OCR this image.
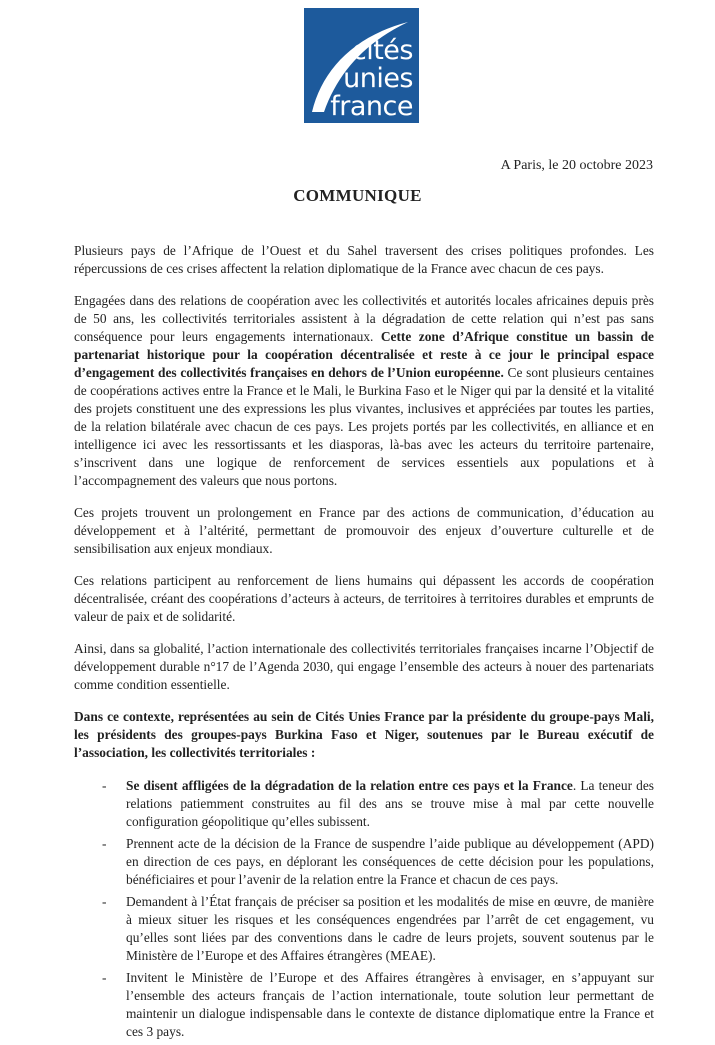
cités
unies
france
A Paris, le 20 octobre 2023
COMMUNIQUE

Plusieurs pays de l’Afrique de l’Ouest et du Sahel traversent des crises politiques profondes. Les répercussions de ces crises affectent la relation diplomatique de la France avec chacun de ces pays.

Engagées dans des relations de coopération avec les collectivités et autorités locales africaines depuis près de 50 ans, les collectivités territoriales assistent à la dégradation de cette relation qui n’est pas sans conséquence pour leurs engagements internationaux. Cette zone d’Afrique constitue un bassin de partenariat historique pour la coopération décentralisée et reste à ce jour le principal espace d’engagement des collectivités françaises en dehors de l’Union européenne. Ce sont plusieurs centaines de coopérations actives entre la France et le Mali, le Burkina Faso et le Niger qui par la densité et la vitalité des projets constituent une des expressions les plus vivantes, inclusives et appréciées par toutes les parties, de la relation bilatérale avec chacun de ces pays. Les projets portés par les collectivités, en alliance et en intelligence ici avec les ressortissants et les diasporas, là-bas avec les acteurs du territoire partenaire, s’inscrivent dans une logique de renforcement de services essentiels aux populations et à l’accompagnement des valeurs que nous portons.

Ces projets trouvent un prolongement en France par des actions de communication, d’éducation au développement et à l’altérité, permettant de promouvoir des enjeux d’ouverture culturelle et de sensibilisation aux enjeux mondiaux.

Ces relations participent au renforcement de liens humains qui dépassent les accords de coopération décentralisée, créant des coopérations d’acteurs à acteurs, de territoires à territoires durables et emprunts de valeur de paix et de solidarité.

Ainsi, dans sa globalité, l’action internationale des collectivités territoriales françaises incarne l’Objectif de développement durable n°17 de l’Agenda 2030, qui engage l’ensemble des acteurs à nouer des partenariats comme condition essentielle.

Dans ce contexte, représentées au sein de Cités Unies France par la présidente du groupe-pays Mali, les présidents des groupes-pays Burkina Faso et Niger, soutenues par le Bureau exécutif de l’association, les collectivités territoriales :

- Se disent affligées de la dégradation de la relation entre ces pays et la France. La teneur des relations patiemment construites au fil des ans se trouve mise à mal par cette nouvelle configuration géopolitique qu’elles subissent.
- Prennent acte de la décision de la France de suspendre l’aide publique au développement (APD) en direction de ces pays, en déplorant les conséquences de cette décision pour les populations, bénéficiaires et pour l’avenir de la relation entre la France et chacun de ces pays.
- Demandent à l’État français de préciser sa position et les modalités de mise en œuvre, de manière à mieux situer les risques et les conséquences engendrées par l’arrêt de cet engagement, vu qu’elles sont liées par des conventions dans le cadre de leurs projets, souvent soutenus par le Ministère de l’Europe et des Affaires étrangères (MEAE).
- Invitent le Ministère de l’Europe et des Affaires étrangères à envisager, en s’appuyant sur l’ensemble des acteurs français de l’action internationale, toute solution leur permettant de maintenir un dialogue indispensable dans le contexte de distance diplomatique entre la France et ces 3 pays.
